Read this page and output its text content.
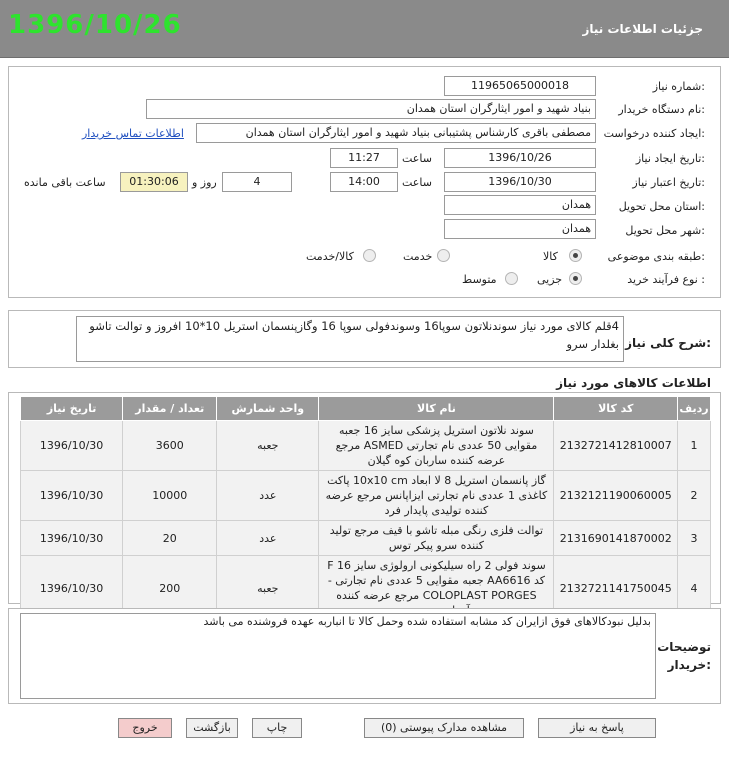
1396/10/26	جزئیات اطلاعات نیاز
شماره نیاز:
11965065000018
نام دستگاه خریدار:
بنیاد شهید و امور ایثارگران استان همدان
ایجاد کننده درخواست:
مصطفی باقری کارشناس پشتیبانی بنیاد شهید و امور ایثارگران استان همدان
اطلاعات تماس خریدار
تاریخ ایجاد نیاز:
1396/10/26
ساعت
11:27
تاریخ اعتبار نیاز:
1396/10/30
ساعت
14:00
4
روز و
01:30:06
ساعت باقی مانده
استان محل تحویل:
همدان
شهر محل تحویل:
همدان
طبقه بندی موضوعی:
کالا
خدمت
کالا/خدمت
نوع فرآیند خرید :
جزیی
متوسط
شرح کلی نیاز:
4قلم کالای مورد نیاز سوندنلاتون سوپا16 وسوندفولی سوپا 16 وگازپنسمان استریل 10*10 افروز و توالت تاشو بغلدار سرو
اطلاعات کالاهای مورد نیاز
ردیف	کد کالا	نام کالا	واحد شمارش	تعداد / مقدار	تاریخ نیاز
1	2132721412810007	سوند نلاتون استریل پزشکی سایز 16 جعبه مقوایی 50 عددی نام تجارتی ASMED مرجع عرضه کننده ساربان کوه گیلان	جعبه	3600	1396/10/30
2	2132121190060005	گاز پانسمان استریل 8 لا ابعاد 10x10 cm پاکت کاغذی 1 عددی نام تجارتی ایزاپانس مرجع عرضه کننده تولیدی پایدار فرد	عدد	10000	1396/10/30
3	2131690141870002	توالت فلزی رنگی مبله تاشو با قیف مرجع تولید کننده سرو پیکر توس	عدد	20	1396/10/30
4	2132721141750045	سوند فولی 2 راه سیلیکونی ارولوژی سایز 16 F کد AA6616 جعبه مقوایی 5 عددی نام تجارتی -COLOPLAST PORGES مرجع عرضه کننده	جعبه	200	1396/10/30
توضیحات
خریدار:
بدلیل نبودکالاهای فوق ازایران کد مشابه استفاده شده وحمل کالا تا انباربه عهده فروشنده می باشد
پاسخ به نیاز
مشاهده مدارک پیوستی (0)
چاپ
بازگشت
خروج
